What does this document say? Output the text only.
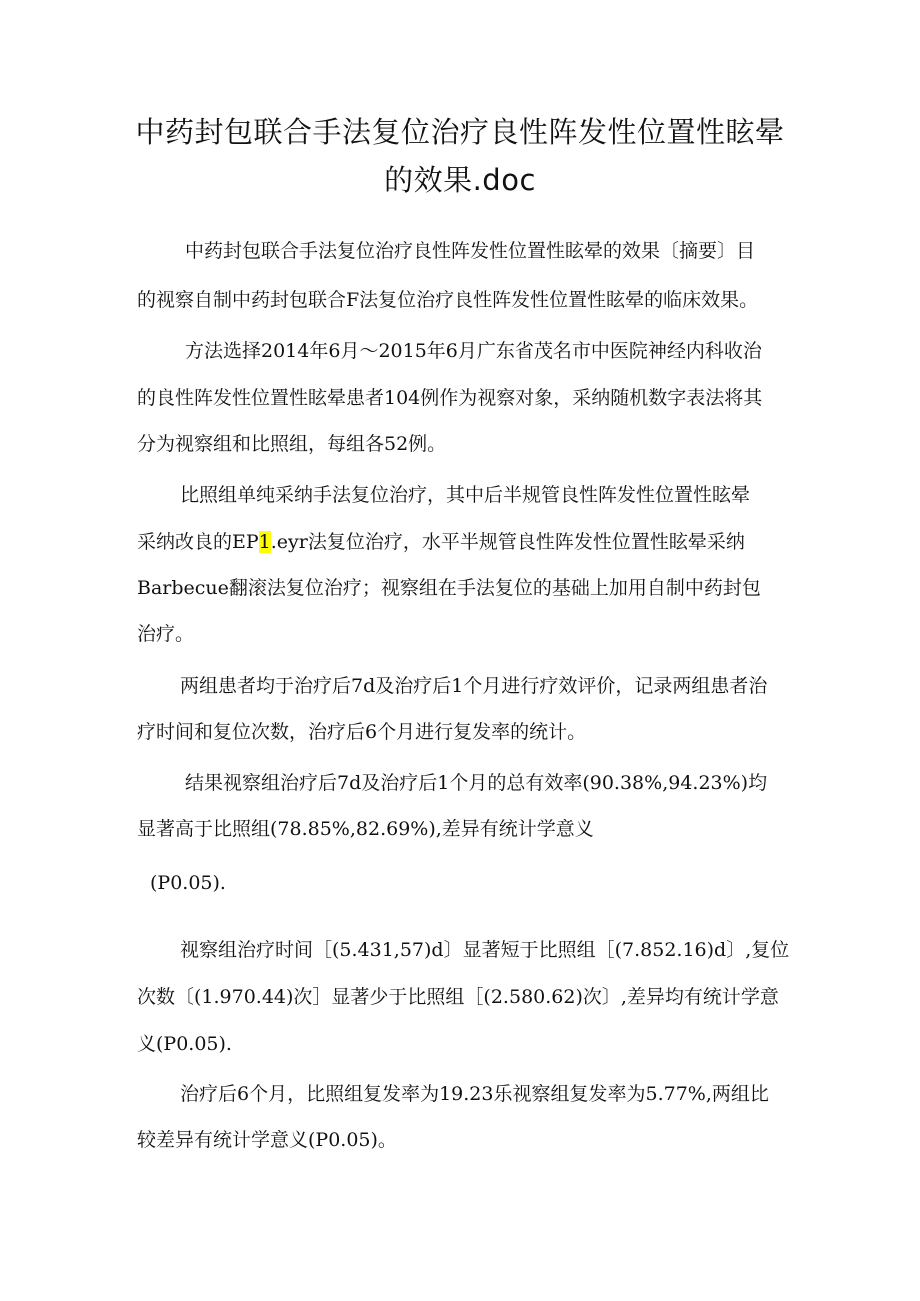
中药封包联合手法复位治疗良性阵发性位置性眩晕
的效果.doc
中药封包联合手法复位治疗良性阵发性位置性眩晕的效果〔摘要〕目
的视察自制中药封包联合F法复位治疗良性阵发性位置性眩晕的临床效果。
方法选择2014年6月～2015年6月广东省茂名市中医院神经内科收治
的良性阵发性位置性眩晕患者104例作为视察对象，采纳随机数字表法将其
分为视察组和比照组，每组各52例。
比照组单纯采纳手法复位治疗，其中后半规管良性阵发性位置性眩晕
采纳改良的EP1.eyr法复位治疗，水平半规管良性阵发性位置性眩晕采纳
Barbecue翻滚法复位治疗；视察组在手法复位的基础上加用自制中药封包
治疗。
两组患者均于治疗后7d及治疗后1个月进行疗效评价，记录两组患者治
疗时间和复位次数，治疗后6个月进行复发率的统计。
结果视察组治疗后7d及治疗后1个月的总有效率(90.38%,94.23%)均
显著高于比照组(78.85%,82.69%),差异有统计学意义
(P0.05).
视察组治疗时间［(5.431,57)d〕显著短于比照组［(7.852.16)d〕,复位
次数〔(1.970.44)次］显著少于比照组［(2.580.62)次〕,差异均有统计学意
义(P0.05).
治疗后6个月，比照组复发率为19.23乐视察组复发率为5.77%,两组比
较差异有统计学意义(P0.05)。
